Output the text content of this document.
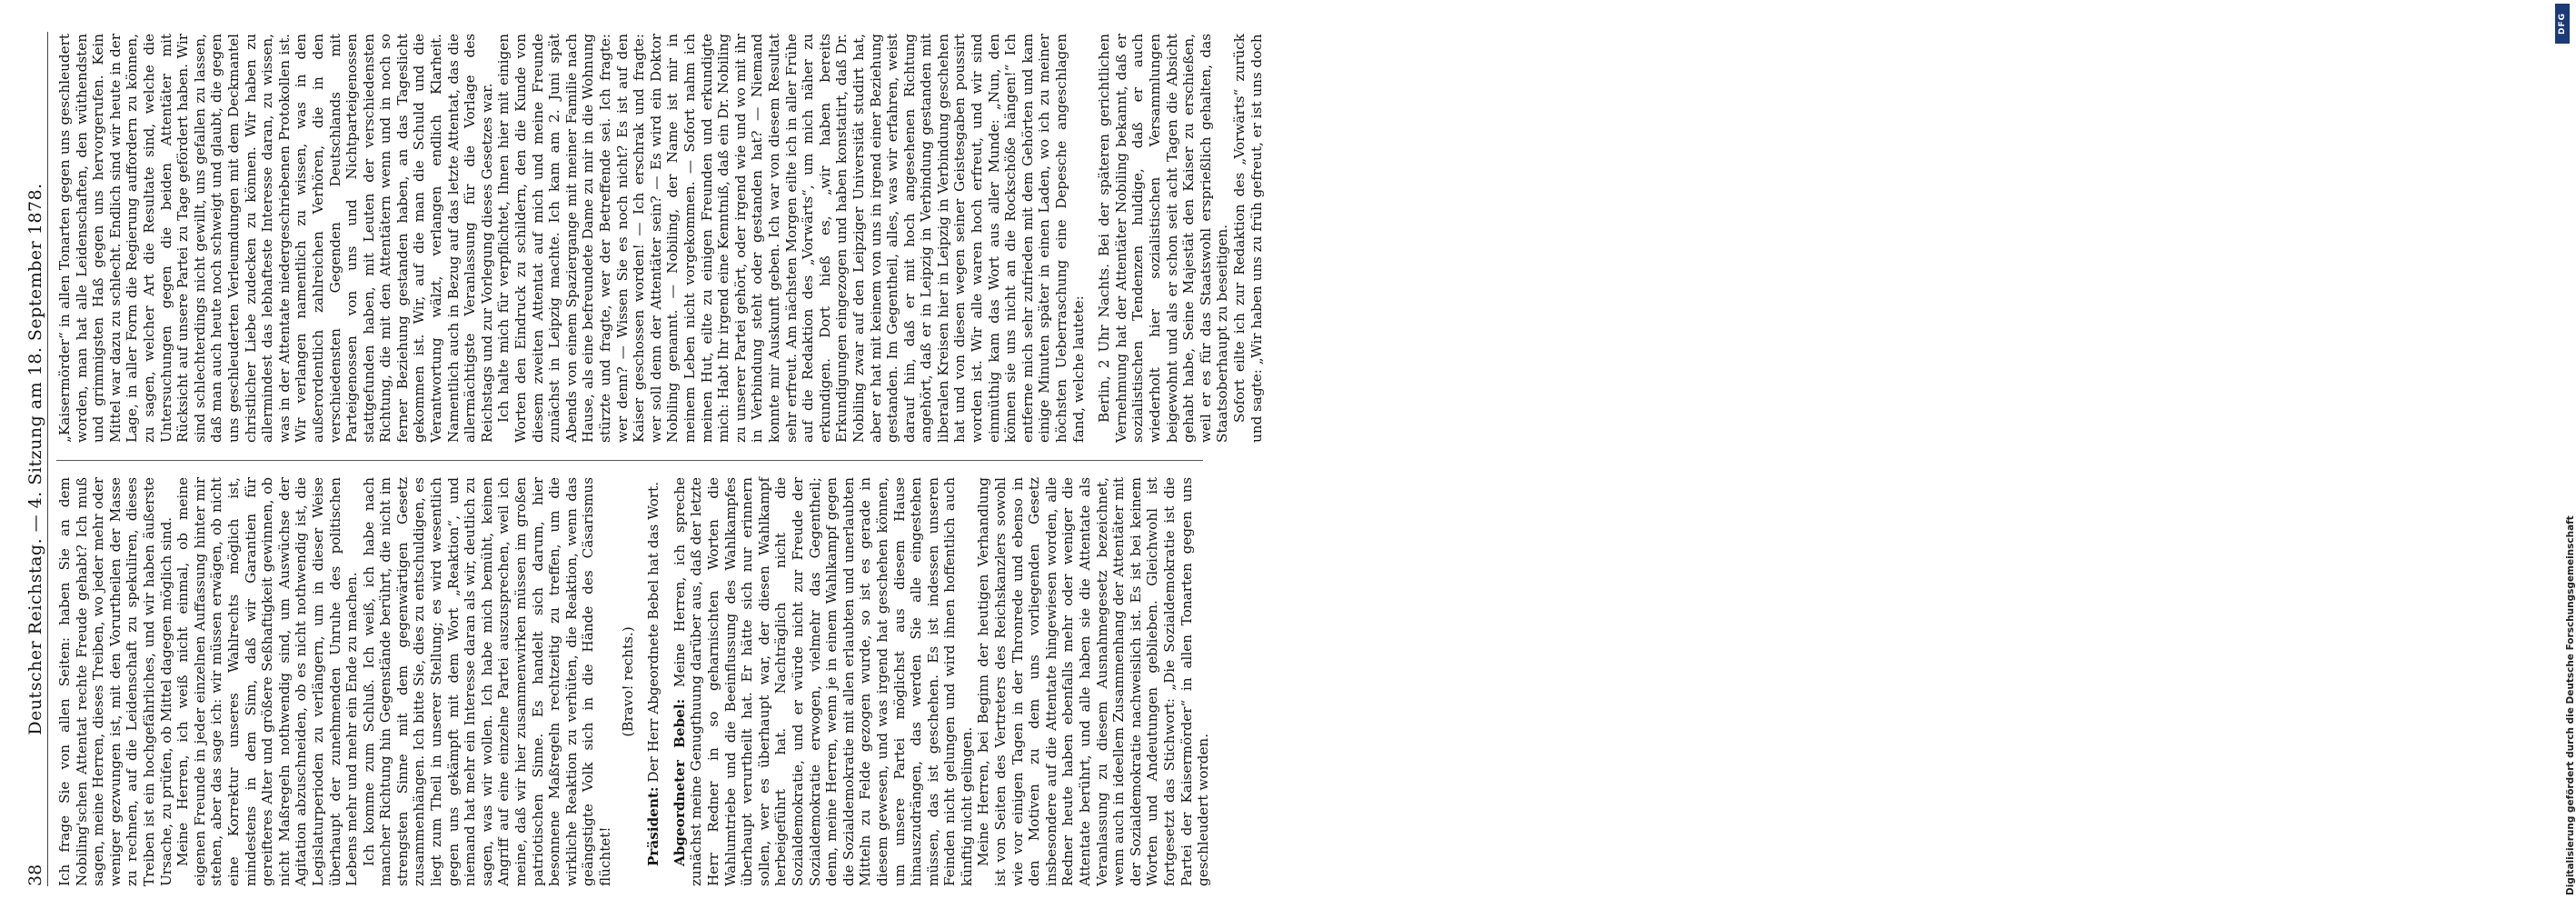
38
Deutscher Reichstag. — 4. Sitzung am 18. September 1878. Ich frage Sie von allen Seiten: haben Sie an dem Nobiling'schen Attentat rechte Freude gehabt? Ich muß sagen, meine Herren, dieses Treiben, wo jeder mehr oder weniger gezwungen ist, mit den Vorurtheilen der Masse zu rechnen, auf die Leidenschaft zu spekuliren, dieses Treiben ist ein hochgefährliches, und wir haben äußerste Ursache, zu prüfen, ob Mittel dagegen möglich sind. Meine Herren, ich weiß nicht einmal, ob meine eigenen Freunde in jeder einzelnen Auffassung hinter mir stehen, aber das sage ich: wir müssen erwägen, ob nicht eine Korrektur unseres Wahlrechts möglich ist, mindestens in dem Sinn, daß wir Garantien für gereifteres Alter und größere Seßhaftigkeit gewinnen, ob nicht Maßregeln nothwendig sind, um Auswüchse der Agitation abzuschneiden, ob es nicht nothwendig ist, die Legislaturperioden zu verlängern, um in dieser Weise überhaupt der zunehmenden Unruhe des politischen Lebens mehr und mehr ein Ende zu machen. Ich komme zum Schluß. Ich weiß, ich habe nach mancher Richtung hin Gegenstände berührt, die nicht im strengsten Sinne mit dem gegenwärtigen Gesetz zusammenhängen. Ich bitte Sie, dies zu entschuldigen, es liegt zum Theil in unserer Stellung; es wird wesentlich gegen uns gekämpft mit dem Wort „Reaktion“, und niemand hat mehr ein Interesse daran als wir, deutlich zu sagen, was wir wollen. Ich habe mich bemüht, keinen Angriff auf eine einzelne Partei auszusprechen, weil ich meine, daß wir hier zusammenwirken müssen im großen patriotischen Sinne. Es handelt sich darum, hier besonnene Maßregeln rechtzeitig zu treffen, um die wirkliche Reaktion zu verhüten, die Reaktion, wenn das geängstigte Volk sich in die Hände des Cäsarismus flüchtet!

(Bravo! rechts.)

Präsident: Der Herr Abgeordnete Bebel hat das Wort.

Abgeordneter Bebel: Meine Herren, ich spreche zunächst meine Genugthuung darüber aus, daß der letzte Herr Redner in so geharnischten Worten die Wahlumtriebe und die Beeinflussung des Wahlkampfes überhaupt verurtheilt hat. Er hätte sich nur erinnern sollen, wer es überhaupt war, der diesen Wahlkampf herbeigeführt hat. Nachträglich nicht die Sozialdemokratie, und er würde nicht zur Freude der Sozialdemokratie erwogen, vielmehr das Gegentheil; denn, meine Herren, wenn je in einem Wahlkampf gegen die Sozialdemokratie mit allen erlaubten und unerlaubten Mitteln zu Felde gezogen wurde, so ist es gerade in diesem gewesen, und was irgend hat geschehen können, um unsere Partei möglichst aus diesem Hause hinauszudrängen, das werden Sie alle eingestehen müssen, das ist geschehen. Es ist indessen unseren Feinden nicht gelungen und wird ihnen hoffentlich auch künftig nicht gelingen. Meine Herren, bei Beginn der heutigen Verhandlung ist von Seiten des Vertreters des Reichskanzlers sowohl wie vor einigen Tagen in der Thronrede und ebenso in den Motiven zu dem uns vorliegenden Gesetz insbesondere auf die Attentate hingewiesen worden, alle Redner heute haben ebenfalls mehr oder weniger die Attentate berührt, und alle haben sie die Attentate als Veranlassung zu diesem Ausnahmegesetz bezeichnet, wenn auch in ideellem Zusammenhang der Attentäter mit der Sozialdemokratie nachweislich ist. Es ist bei keinem Worten und Andeutungen geblieben. Gleichwohl ist fortgesetzt das Stichwort: „Die Sozialdemokratie ist die Partei der Kaisermörder“ in allen Tonarten gegen uns geschleudert worden.

„Kaisermörder“ in allen Tonarten gegen uns geschleudert worden, man hat alle Leidenschaften, den wüthendsten und grimmigsten Haß gegen uns hervorgerufen. Kein Mittel war dazu zu schlecht. Endlich sind wir heute in der Lage, in aller Form die Regierung auffordern zu können, zu sagen, welcher Art die Resultate sind, welche die Untersuchungen gegen die beiden Attentäter mit Rücksicht auf unsere Partei zu Tage gefördert haben. Wir sind schlechterdings nicht gewillt, uns gefallen zu lassen, daß man auch heute noch schweigt und glaubt, die gegen uns geschleuderten Verleumdungen mit dem Deckmantel christlicher Liebe zudecken zu können. Wir haben zu allermindest das lebhafteste Interesse daran, zu wissen, was in der Attentate niedergeschriebenen Protokollen ist. Wir verlangen namentlich zu wissen, was in den außerordentlich zahlreichen Verhören, die in den verschiedensten Gegenden Deutschlands mit Parteigenossen von uns und Nichtparteigenossen stattgefunden haben, mit Leuten der verschiedensten Richtung, die mit den Attentätern wenn und in noch so ferner Beziehung gestanden haben, an das Tageslicht gekommen ist. Wir, auf die man die Schuld und die Verantwortung wälzt, verlangen endlich Klarheit. Namentlich auch in Bezug auf das letzte Attentat, das die allermächtigste Veranlassung für die Vorlage des Reichstags und zur Vorlegung dieses Gesetzes war. Ich halte mich für verpflichtet, Ihnen hier mit einigen Worten den Eindruck zu schildern, den die Kunde von diesem zweiten Attentat auf mich und meine Freunde zunächst in Leipzig machte. Ich kam am 2. Juni spät Abends von einem Spaziergange mit meiner Familie nach Hause, als eine befreundete Dame zu mir in die Wohnung stürzte und fragte, wer der Betreffende sei. Ich fragte: wer denn? — Wissen Sie es noch nicht? Es ist auf den Kaiser geschossen worden! — Ich erschrak und fragte: wer soll denn der Attentäter sein? — Es wird ein Doktor Nobiling genannt. — Nobiling, der Name ist mir in meinem Leben nicht vorgekommen. — Sofort nahm ich meinen Hut, eilte zu einigen Freunden und erkundigte mich: Habt Ihr irgend eine Kenntniß, daß ein Dr. Nobiling zu unserer Partei gehört, oder irgend wie und wo mit ihr in Verbindung steht oder gestanden hat? — Niemand konnte mir Auskunft geben. Ich war von diesem Resultat sehr erfreut. Am nächsten Morgen eilte ich in aller Frühe auf die Redaktion des „Vorwärts“, um mich näher zu erkundigen. Dort hieß es, „wir haben bereits Erkundigungen eingezogen und haben konstatirt, daß Dr. Nobiling zwar auf den Leipziger Universität studirt hat, aber er hat mit keinem von uns in irgend einer Beziehung gestanden. Im Gegentheil, alles, was wir erfahren, weist darauf hin, daß er mit hoch angesehenen Richtung angehört, daß er in Leipzig in Verbindung gestanden mit liberalen Kreisen hier in Leipzig in Verbindung geschehen hat und von diesen wegen seiner Geistesgaben poussirt worden ist. Wir alle waren hoch erfreut, und wir sind einmüthig kam das Wort aus aller Munde: „Nun, den können sie uns nicht an die Rockschöße hängen!“ Ich entferne mich sehr zufrieden mit dem Gehörten und kam einige Minuten später in einen Laden, wo ich zu meiner höchsten Ueberraschung eine Depesche angeschlagen fand, welche lautete: Berlin, 2 Uhr Nachts. Bei der späteren gerichtlichen Vernehmung hat der Attentäter Nobiling bekannt, daß er sozialistischen Tendenzen huldige, daß er auch wiederholt hier sozialistischen Versammlungen beigewohnt und als er schon seit acht Tagen die Absicht gehabt habe, Seine Majestät den Kaiser zu erschießen, weil er es für das Staatswohl ersprießlich gehalten, das Staatsoberhaupt zu beseitigen. Sofort eilte ich zur Redaktion des „Vorwärts“ zurück und sagte: „Wir haben uns zu früh gefreut, er ist uns doch

DFG
Digitalisierung gefördert durch die Deutsche Forschungsgemeinschaft
